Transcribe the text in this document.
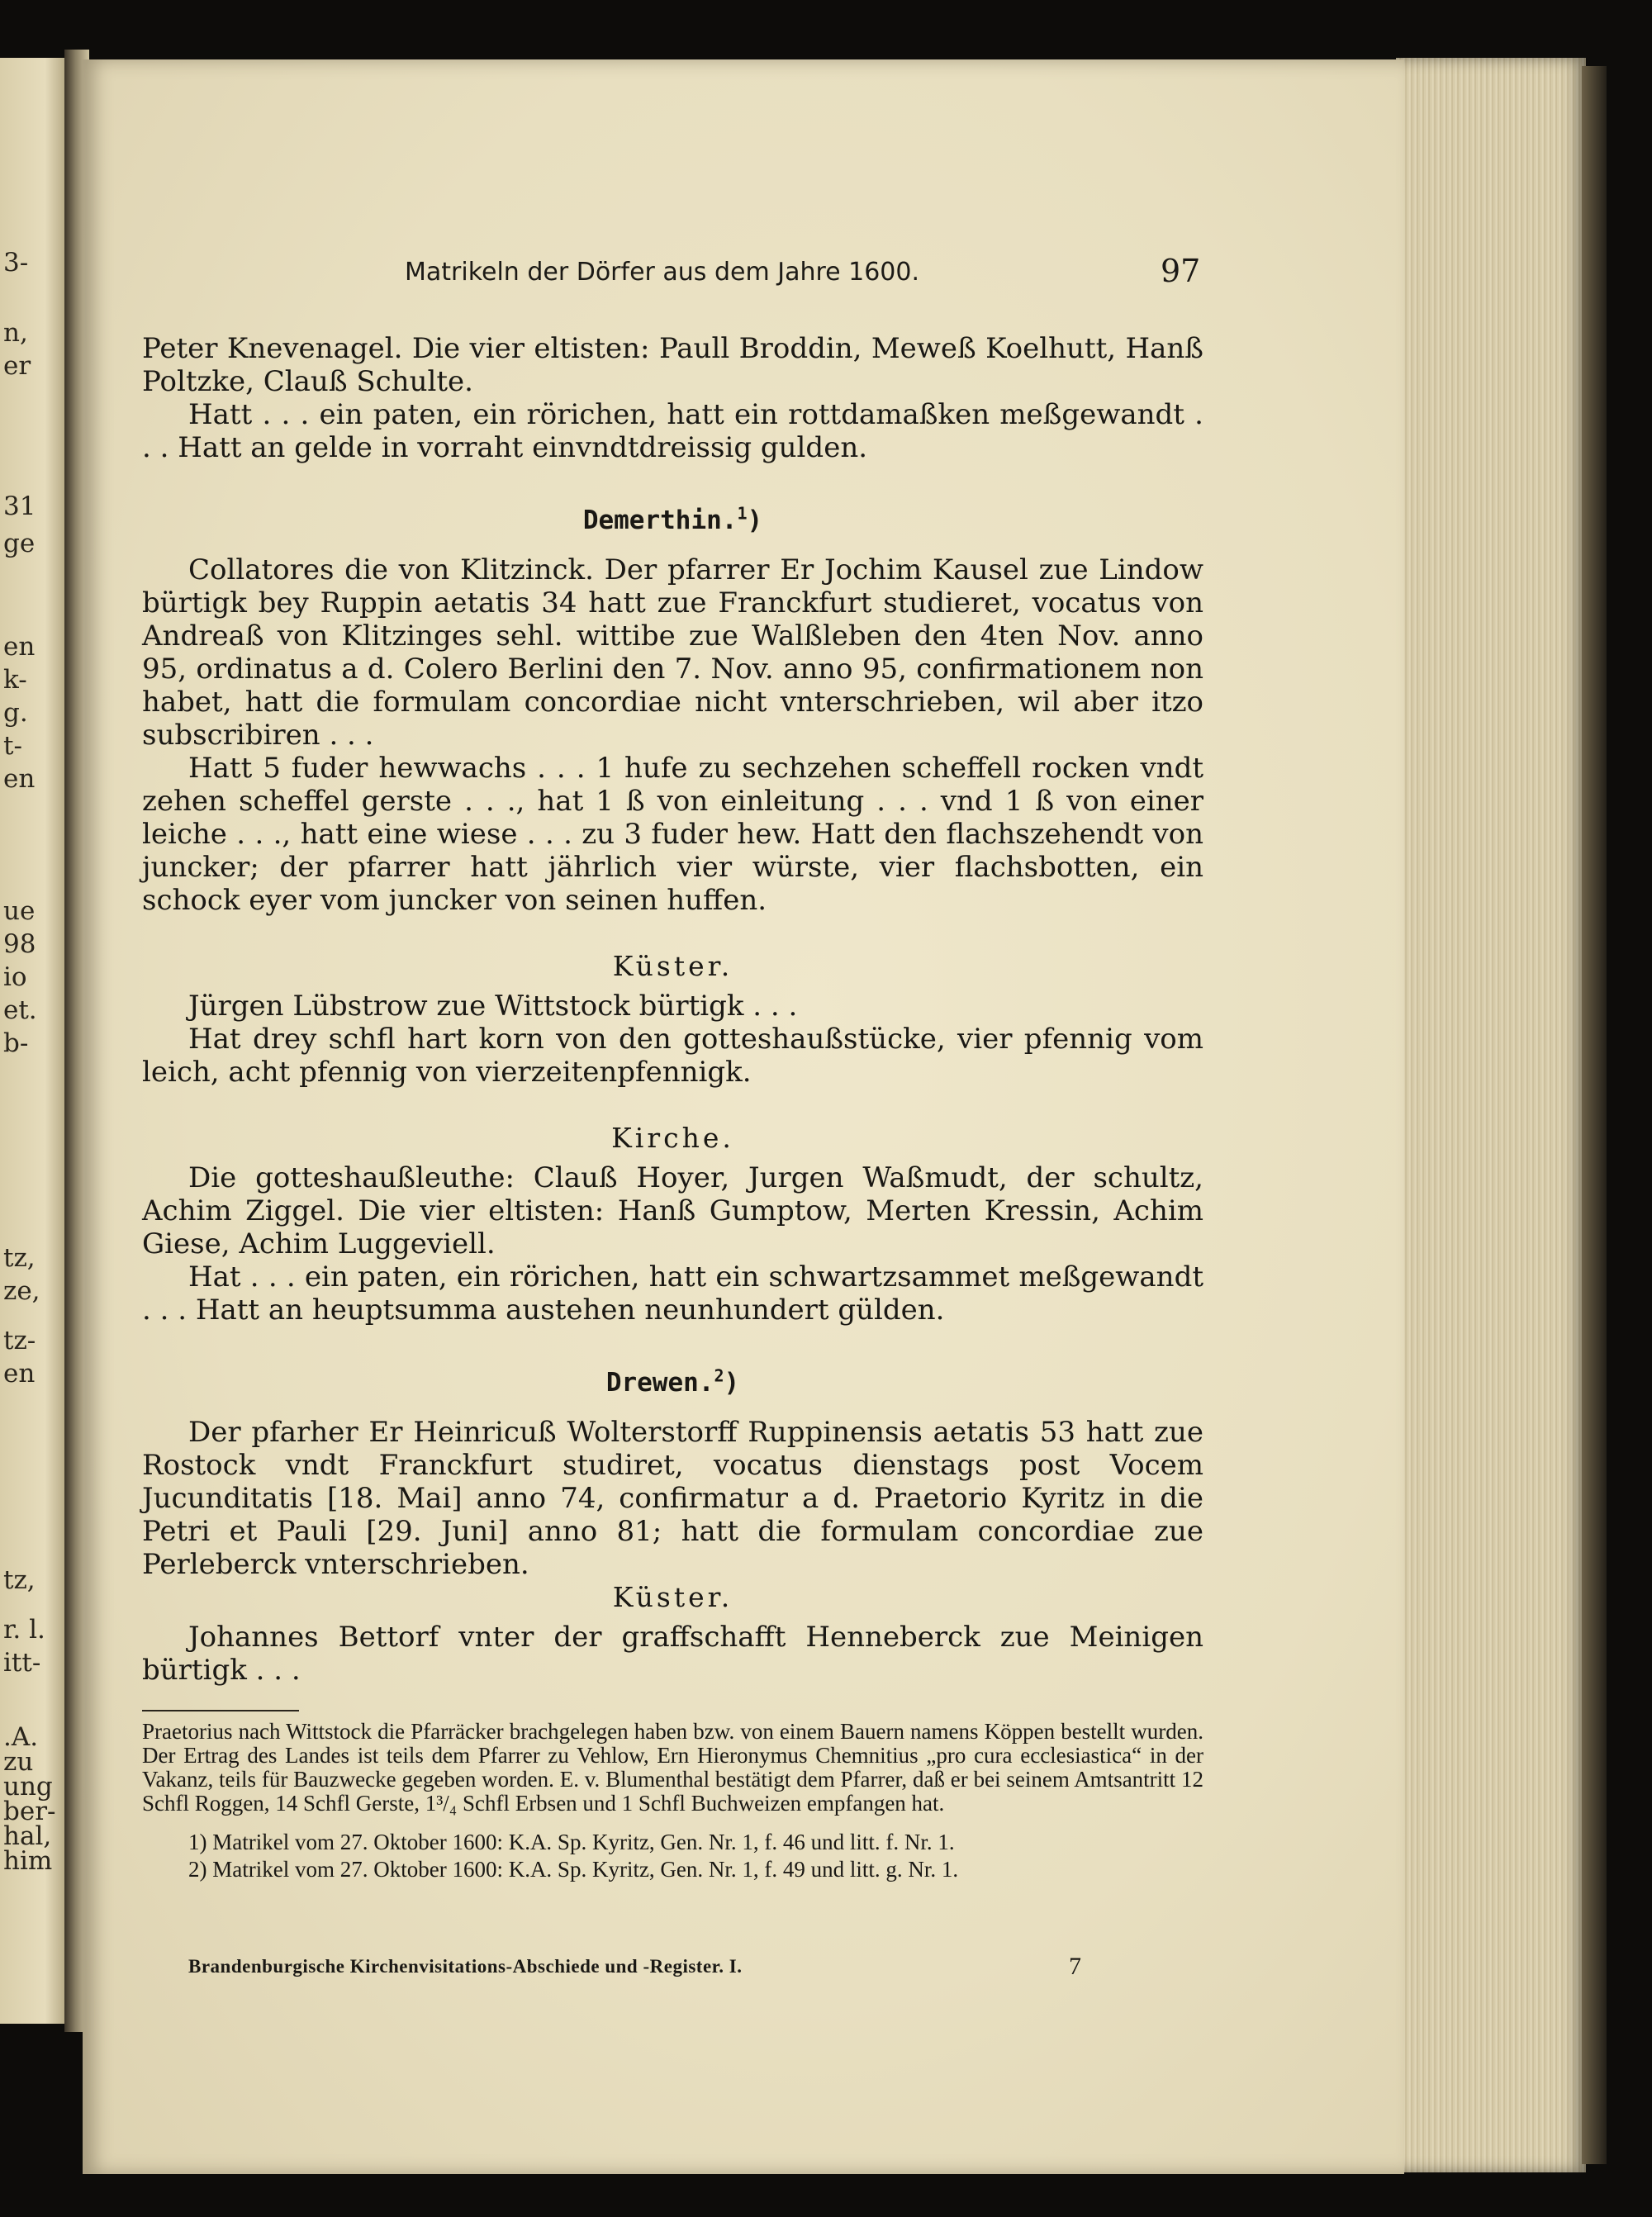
3-
n,
er
31
ge
en
k-
g.
t-
en
ue
98
io
et.
b-
tz,
ze,
tz-
en
tz,
r. l.
itt-
.A.
zu
ung
ber-
hal,
him
Matrikeln der Dörfer aus dem Jahre 1600.	97

Peter Knevenagel. Die vier eltisten: Paull Broddin, Meweß Koelhutt, Hanß Poltzke, Clauß Schulte.

Hatt . . . ein paten, ein rörichen, hatt ein rottdamaßken meßgewandt . . . Hatt an gelde in vorraht einvndtdreissig gulden.

Demerthin.$^1$)

Collatores die von Klitzinck. Der pfarrer Er Jochim Kausel zue Lindow bürtigk bey Ruppin aetatis 34 hatt zue Franckfurt studieret, vocatus von Andreaß von Klitzinges sehl. wittibe zue Walßleben den 4ten Nov. anno 95, ordinatus a d. Colero Berlini den 7. Nov. anno 95, confirmationem non habet, hatt die formulam concordiae nicht vnterschrieben, wil aber itzo subscribiren . . .

Hatt 5 fuder hewwachs . . . 1 hufe zu sechzehen scheffell rocken vndt zehen scheffel gerste . . ., hat 1 ß von einleitung . . . vnd 1 ß von einer leiche . . ., hatt eine wiese . . . zu 3 fuder hew. Hatt den flachszehendt von juncker; der pfarrer hatt jährlich vier würste, vier flachsbotten, ein schock eyer vom juncker von seinen huffen.

Küster.

Jürgen Lübstrow zue Wittstock bürtigk . . .

Hat drey schfl hart korn von den gotteshaußstücke, vier pfennig vom leich, acht pfennig von vierzeitenpfennigk.

Kirche.

Die gotteshaußleuthe: Clauß Hoyer, Jurgen Waßmudt, der schultz, Achim Ziggel. Die vier eltisten: Hanß Gumptow, Merten Kressin, Achim Giese, Achim Luggeviell.

Hat . . . ein paten, ein rörichen, hatt ein schwartzsammet meßgewandt . . . Hatt an heuptsumma austehen neunhundert gülden.

Drewen.$^2$)

Der pfarher Er Heinricuß Wolterstorff Ruppinensis aetatis 53 hatt zue Rostock vndt Franckfurt studiret, vocatus dienstags post Vocem Jucunditatis [18. Mai] anno 74, confirmatur a d. Praetorio Kyritz in die Petri et Pauli [29. Juni] anno 81; hatt die formulam concordiae zue Perleberck vnterschrieben.

Küster.

Johannes Bettorf vnter der graffschafft Henneberck zue Meinigen bürtigk . . .

Praetorius nach Wittstock die Pfarräcker brachgelegen haben bzw. von einem Bauern namens Köppen bestellt wurden. Der Ertrag des Landes ist teils dem Pfarrer zu Vehlow, Ern Hieronymus Chemnitius „pro cura ecclesiastica“ in der Vakanz, teils für Bauzwecke gegeben worden. E. v. Blumenthal bestätigt dem Pfarrer, daß er bei seinem Amtsantritt 12 Schfl Roggen, 14 Schfl Gerste, 1³/₄ Schfl Erbsen und 1 Schfl Buchweizen empfangen hat.

1) Matrikel vom 27. Oktober 1600: K.A. Sp. Kyritz, Gen. Nr. 1, f. 46 und litt. f. Nr. 1.

2) Matrikel vom 27. Oktober 1600: K.A. Sp. Kyritz, Gen. Nr. 1, f. 49 und litt. g. Nr. 1.

Brandenburgische Kirchenvisitations-Abschiede und -Register. I.	7
